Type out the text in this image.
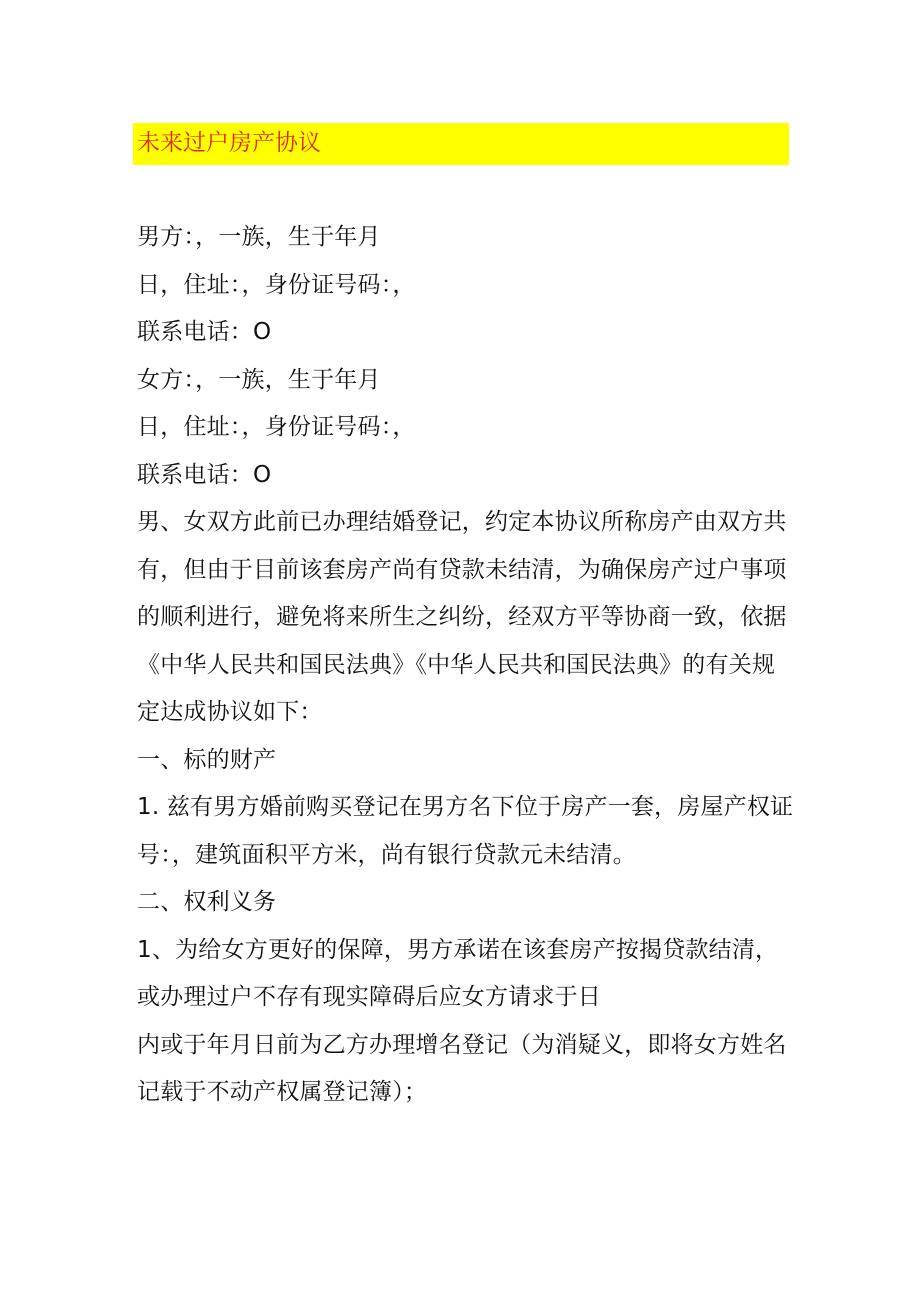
未来过户房产协议
男方：，一族，生于年月
日，住址：，身份证号码：，
联系电话：O
女方：，一族，生于年月
日，住址：，身份证号码：，
联系电话：O
男、女双方此前已办理结婚登记，约定本协议所称房产由双方共
有，但由于目前该套房产尚有贷款未结清，为确保房产过户事项
的顺利进行，避免将来所生之纠纷，经双方平等协商一致，依据
《中华人民共和国民法典》《中华人民共和国民法典》的有关规
定达成协议如下：
一、标的财产
1. 兹有男方婚前购买登记在男方名下位于房产一套，房屋产权证
号：，建筑面积平方米，尚有银行贷款元未结清。
二、权利义务
1、为给女方更好的保障，男方承诺在该套房产按揭贷款结清，
或办理过户不存有现实障碍后应女方请求于日
内或于年月日前为乙方办理增名登记（为消疑义，即将女方姓名
记载于不动产权属登记簿）；
